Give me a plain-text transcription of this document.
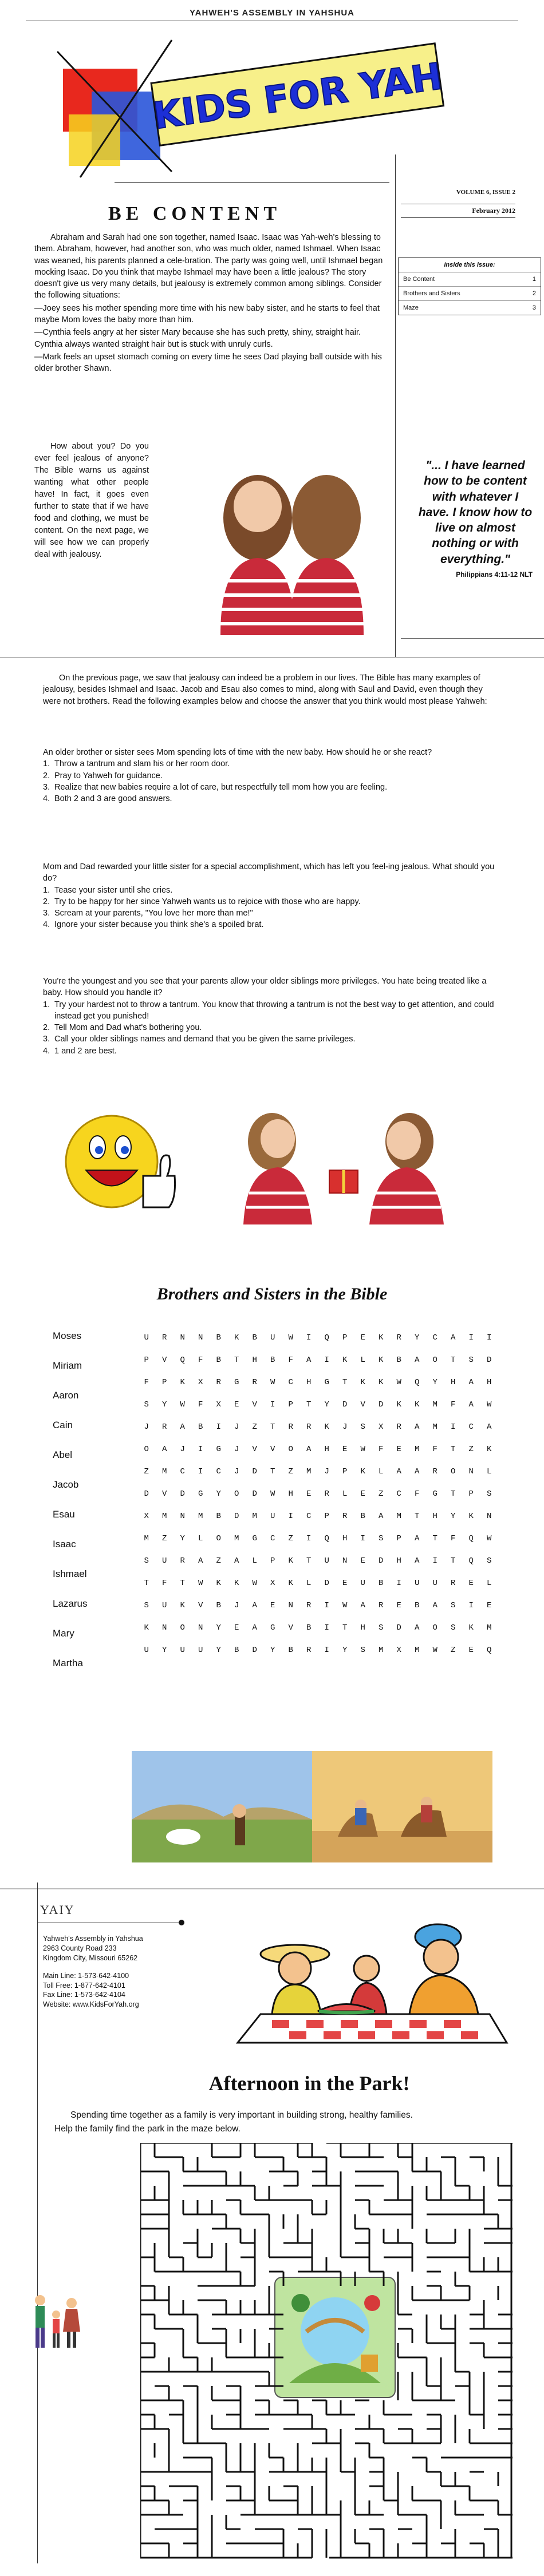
YAHWEH'S ASSEMBLY IN YAHSHUA
KIDS FOR YAH
VOLUME 6, ISSUE 2
February 2012
Inside this issue:
Be Content	1
Brothers and Sisters	2
Maze	3
BE CONTENT

Abraham and Sarah had one son together, named Isaac. Isaac was Yah-weh's blessing to them. Abraham, however, had another son, who was much older, named Ishmael. When Isaac was weaned, his parents planned a cele-bration. The party was going well, until Ishmael began mocking Isaac. Do you think that maybe Ishmael may have been a little jealous? The story doesn't give us very many details, but jealousy is extremely common among siblings. Consider the following situations:

—Joey sees his mother spending more time with his new baby sister, and he starts to feel that maybe Mom loves the baby more than him.

—Cynthia feels angry at her sister Mary because she has such pretty, shiny, straight hair. Cynthia always wanted straight hair but is stuck with unruly curls.

—Mark feels an upset stomach coming on every time he sees Dad playing ball outside with his older brother Shawn.

How about you? Do you ever feel jealous of anyone? The Bible warns us against wanting what other people have! In fact, it goes even further to state that if we have food and clothing, we must be content. On the next page, we will see how we can properly deal with jealousy.

"... I have learned how to be content with whatever I have. I know how to live on almost nothing or with everything."
Philippians 4:11-12 NLT

On the previous page, we saw that jealousy can indeed be a problem in our lives. The Bible has many examples of jealousy, besides Ishmael and Isaac. Jacob and Esau also comes to mind, along with Saul and David, even though they were not brothers. Read the following examples below and choose the answer that you think would most please Yahweh:

An older brother or sister sees Mom spending lots of time with the new baby. How should he or she react?

1. Throw a tantrum and slam his or her room door.
2. Pray to Yahweh for guidance.
3. Realize that new babies require a lot of care, but respectfully tell mom how you are feeling.
4. Both 2 and 3 are good answers.

Mom and Dad rewarded your little sister for a special accomplishment, which has left you feel-ing jealous. What should you do?

1. Tease your sister until she cries.
2. Try to be happy for her since Yahweh wants us to rejoice with those who are happy.
3. Scream at your parents, "You love her more than me!"
4. Ignore your sister because you think she's a spoiled brat.

You're the youngest and you see that your parents allow your older siblings more privileges. You hate being treated like a baby. How should you handle it?

1. Try your hardest not to throw a tantrum. You know that throwing a tantrum is not the best way to get attention, and could instead get you punished!
2. Tell Mom and Dad what's bothering you.
3. Call your older siblings names and demand that you be given the same privileges.
4. 1 and 2 are best.
Brothers and Sisters in the Bible
Moses
Miriam
Aaron
Cain
Abel
Jacob
Esau
Isaac
Ishmael
Lazarus
Mary
Martha
U	R	N	N	B	K	B	U	W	I	Q	P	E	K	R	Y	C	A	I	I
P	V	Q	F	B	T	H	B	F	A	I	K	L	K	B	A	O	T	S	D
F	P	K	X	R	G	R	W	C	H	G	T	K	K	W	Q	Y	H	A	H
S	Y	W	F	X	E	V	I	P	T	Y	D	V	D	K	K	M	F	A	W
J	R	A	B	I	J	Z	T	R	R	K	J	S	X	R	A	M	I	C	A
O	A	J	I	G	J	V	V	O	A	H	E	W	F	E	M	F	T	Z	K
Z	M	C	I	C	J	D	T	Z	M	J	P	K	L	A	A	R	O	N	L
D	V	D	G	Y	O	D	W	H	E	R	L	E	Z	C	F	G	T	P	S
X	M	N	M	B	D	M	U	I	C	P	R	B	A	M	T	H	Y	K	N
M	Z	Y	L	O	M	G	C	Z	I	Q	H	I	S	P	A	T	F	Q	W
S	U	R	A	Z	A	L	P	K	T	U	N	E	D	H	A	I	T	Q	S
T	F	T	W	K	K	W	X	K	L	D	E	U	B	I	U	U	R	E	L
S	U	K	V	B	J	A	E	N	R	I	W	A	R	E	B	A	S	I	E
K	N	O	N	Y	E	A	G	V	B	I	T	H	S	D	A	O	S	K	M
U	Y	U	U	Y	B	D	Y	B	R	I	Y	S	M	X	M	W	Z	E	Q
YAIY
Yahweh's Assembly in Yahshua
2963 County Road 233
Kingdom City, Missouri 65262
Main Line: 1-573-642-4100
Toll Free: 1-877-642-4101
Fax Line: 1-573-642-4104
Website: www.KidsForYah.org
Afternoon in the Park!

Spending time together as a family is very important in building strong, healthy families.

Help the family find the park in the maze below.
